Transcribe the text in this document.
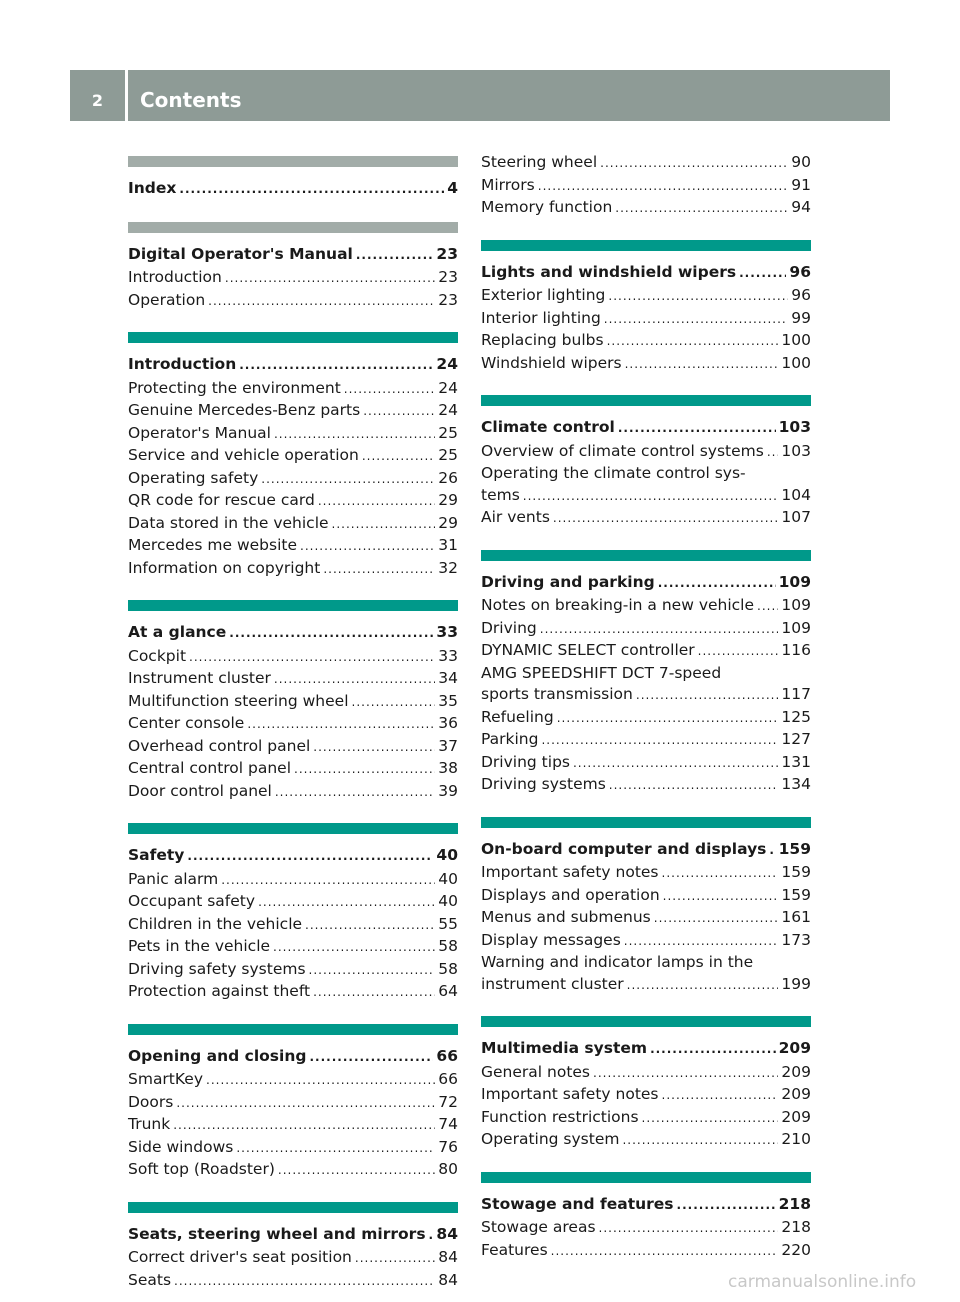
2	Contents
Index .....	4
Digital Operator's Manual .....	23
Introduction .....	23
Operation .....	23
Introduction .....	24
Protecting the environment .....	24
Genuine Mercedes-Benz parts .....	24
Operator's Manual .....	25
Service and vehicle operation .....	25
Operating safety .....	26
QR code for rescue card .....	29
Data stored in the vehicle .....	29
Mercedes me website .....	31
Information on copyright .....	32
At a glance .....	33
Cockpit .....	33
Instrument cluster .....	34
Multifunction steering wheel .....	35
Center console .....	36
Overhead control panel .....	37
Central control panel .....	38
Door control panel .....	39
Safety .....	40
Panic alarm .....	40
Occupant safety .....	40
Children in the vehicle .....	55
Pets in the vehicle .....	58
Driving safety systems .....	58
Protection against theft .....	64
Opening and closing .....	66
SmartKey .....	66
Doors .....	72
Trunk .....	74
Side windows .....	76
Soft top (Roadster) .....	80
Seats, steering wheel and mirrors ..... 84
Correct driver's seat position .....	84
Seats .....	84
Steering wheel .....	90
Mirrors .....	91
Memory function .....	94
Lights and windshield wipers .....	96
Exterior lighting .....	96
Interior lighting .....	99
Replacing bulbs .....	100
Windshield wipers .....	100
Climate control .....	103
Overview of climate control systems ..... 103
Operating the climate control sys-
tems .....	104
Air vents .....	107
Driving and parking .....	109
Notes on breaking-in a new vehicle ..... 109
Driving .....	109
DYNAMIC SELECT controller .....	116
AMG SPEEDSHIFT DCT 7-speed
sports transmission .....	117
Refueling .....	125
Parking .....	127
Driving tips .....	131
Driving systems .....	134
On-board computer and displays ..... 159
Important safety notes .....	159
Displays and operation .....	159
Menus and submenus .....	161
Display messages .....	173
Warning and indicator lamps in the
instrument cluster .....	199
Multimedia system .....	209
General notes .....	209
Important safety notes .....	209
Function restrictions .....	209
Operating system .....	210
Stowage and features .....	218
Stowage areas .....	218
Features .....	220
carmanualsonline.info
